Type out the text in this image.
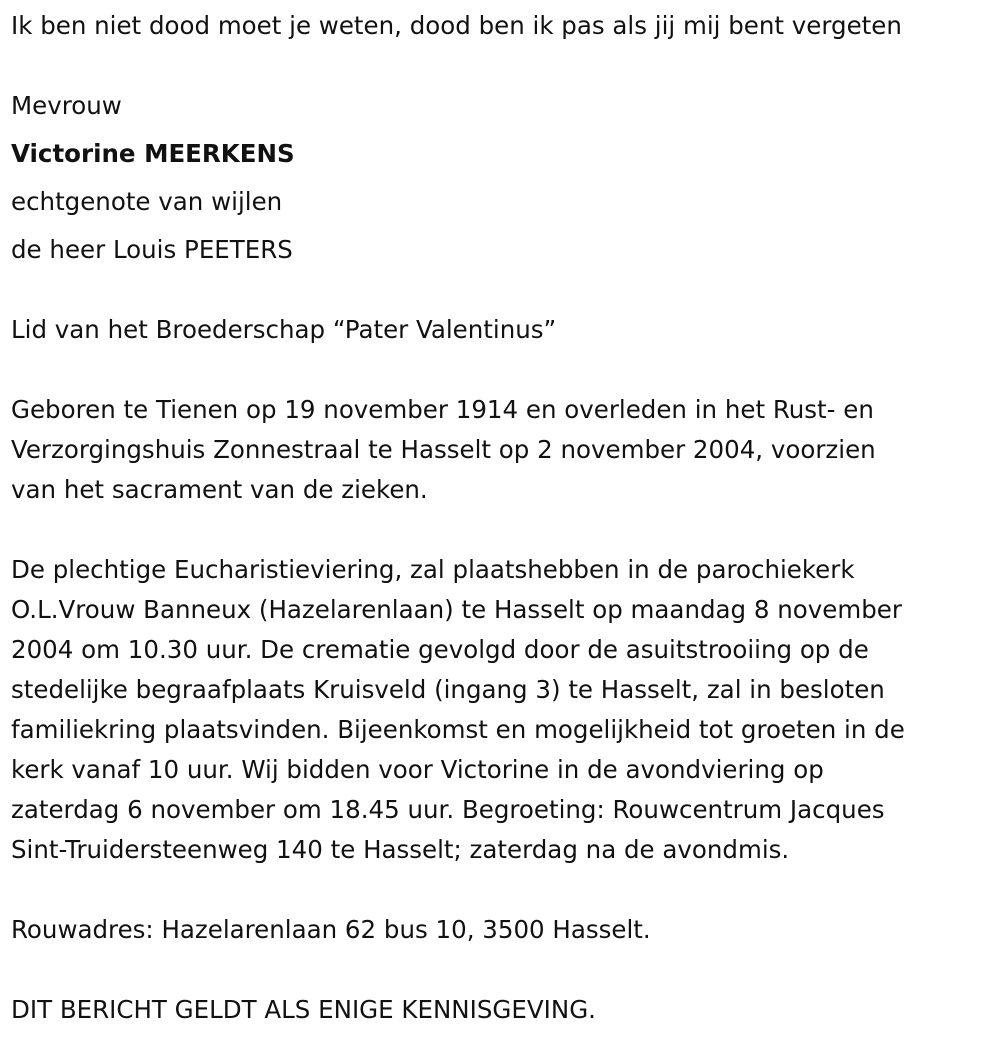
Ik ben niet dood moet je weten, dood ben ik pas als jij mij bent vergeten
Mevrouw
Victorine MEERKENS
echtgenote van wijlen
de heer Louis PEETERS
Lid van het Broederschap “Pater Valentinus”
Geboren te Tienen op 19 november 1914 en overleden in het Rust- en
Verzorgingshuis Zonnestraal te Hasselt op 2 november 2004, voorzien
van het sacrament van de zieken.
De plechtige Eucharistieviering, zal plaatshebben in de parochiekerk
O.L.Vrouw Banneux (Hazelarenlaan) te Hasselt op maandag 8 november
2004 om 10.30 uur. De crematie gevolgd door de asuitstrooiing op de
stedelijke begraafplaats Kruisveld (ingang 3) te Hasselt, zal in besloten
familiekring plaatsvinden. Bijeenkomst en mogelijkheid tot groeten in de
kerk vanaf 10 uur. Wij bidden voor Victorine in de avondviering op
zaterdag 6 november om 18.45 uur. Begroeting: Rouwcentrum Jacques
Sint-Truidersteenweg 140 te Hasselt; zaterdag na de avondmis.
Rouwadres: Hazelarenlaan 62 bus 10, 3500 Hasselt.
DIT BERICHT GELDT ALS ENIGE KENNISGEVING.
